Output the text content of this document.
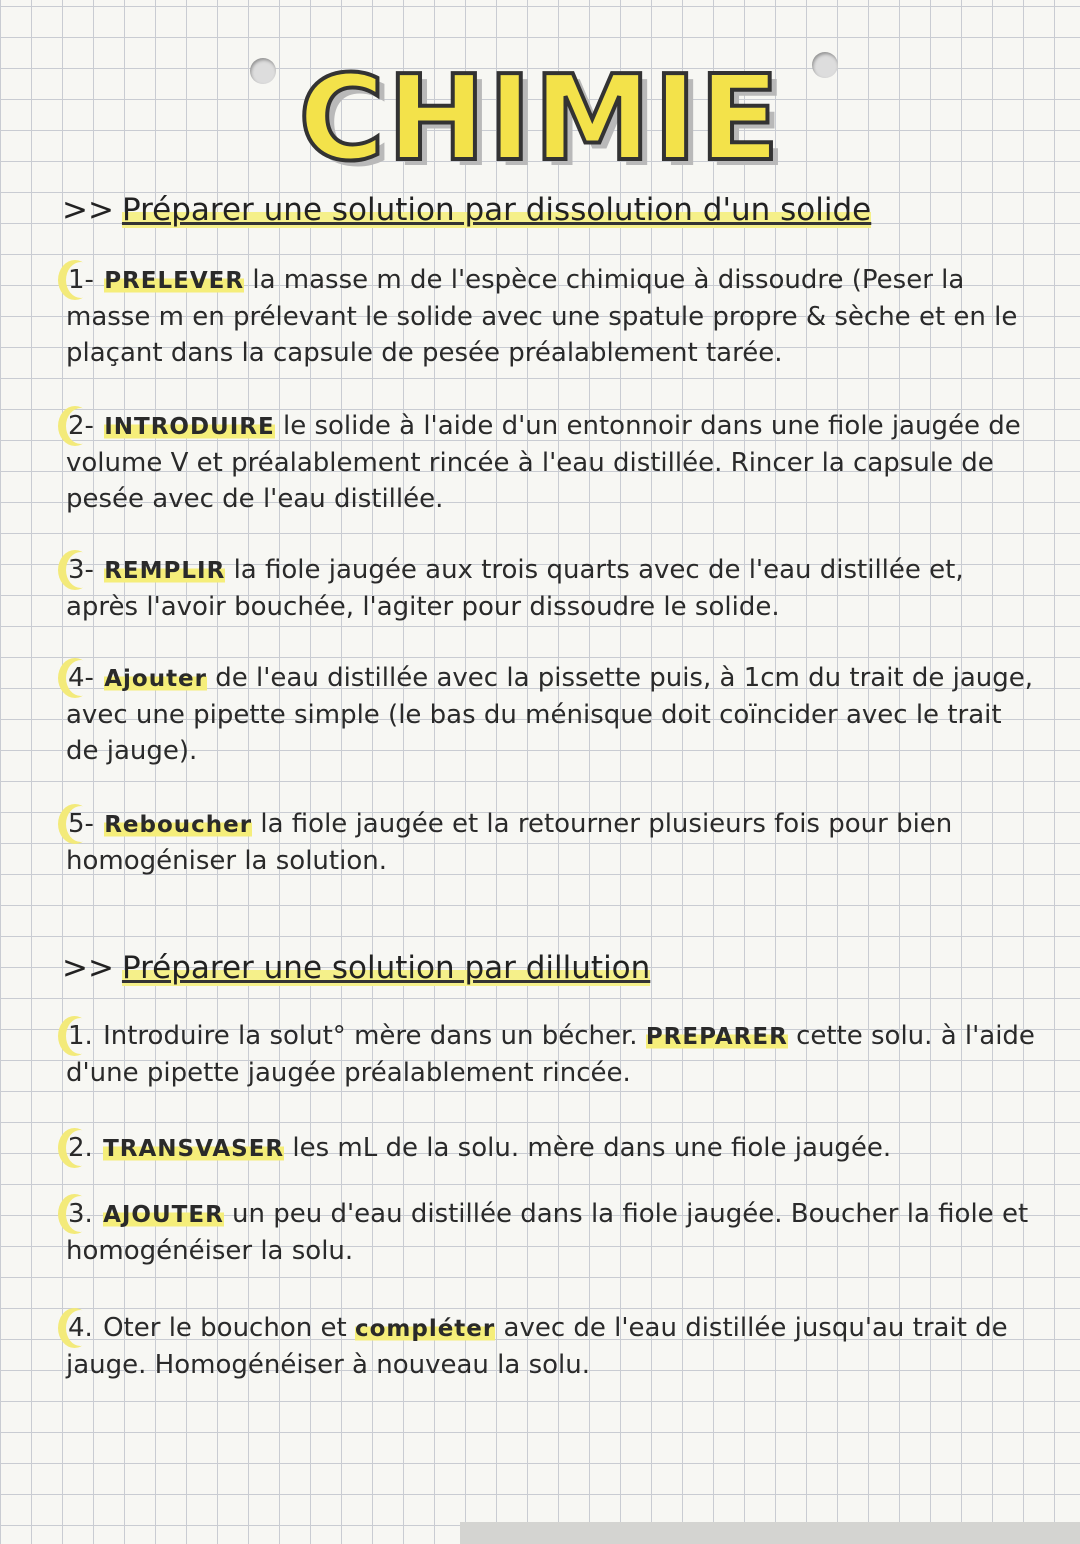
CHIMIE
>> Préparer une solution par dissolution d'un solide
1- PRELEVER la masse m de l'espèce chimique à dissoudre (Peser la masse m en prélevant le solide avec une spatule propre & sèche et en le plaçant dans la capsule de pesée préalablement tarée.
2- INTRODUIRE le solide à l'aide d'un entonnoir dans une fiole jaugée de volume V et préalablement rincée à l'eau distillée. Rincer la capsule de pesée avec de l'eau distillée.
3- REMPLIR la fiole jaugée aux trois quarts avec de l'eau distillée et, après l'avoir bouchée, l'agiter pour dissoudre le solide.
4- Ajouter de l'eau distillée avec la pissette puis, à 1cm du trait de jauge, avec une pipette simple (le bas du ménisque doit coïncider avec le trait de jauge).
5- Reboucher la fiole jaugée et la retourner plusieurs fois pour bien homogéniser la solution.
>> Préparer une solution par dillution
1. Introduire la solut° mère dans un bécher. PREPARER cette solu. à l'aide d'une pipette jaugée préalablement rincée.
2. TRANSVASER les mL de la solu. mère dans une fiole jaugée.
3. AJOUTER un peu d'eau distillée dans la fiole jaugée. Boucher la fiole et homogénéiser la solu.
4. Oter le bouchon et compléter avec de l'eau distillée jusqu'au trait de jauge. Homogénéiser à nouveau la solu.
